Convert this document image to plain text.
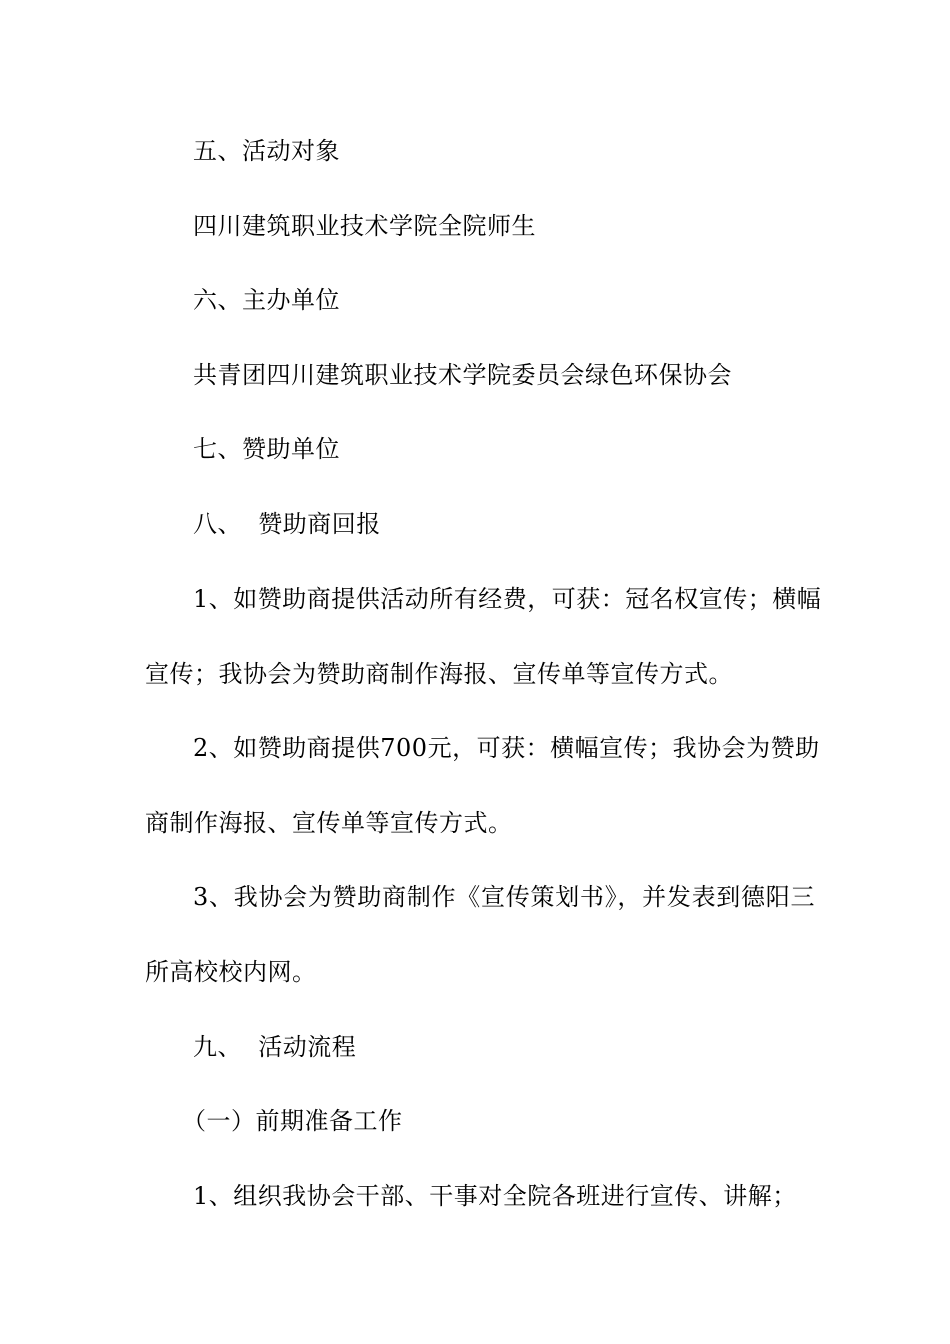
五、活动对象
四川建筑职业技术学院全院师生
六、主办单位
共青团四川建筑职业技术学院委员会绿色环保协会
七、赞助单位
八、  赞助商回报
1、如赞助商提供活动所有经费，可获：冠名权宣传；横幅
宣传；我协会为赞助商制作海报、宣传单等宣传方式。
2、如赞助商提供700元，可获：横幅宣传；我协会为赞助
商制作海报、宣传单等宣传方式。
3、我协会为赞助商制作《宣传策划书》，并发表到德阳三
所高校校内网。
九、  活动流程
（一）前期准备工作
1、组织我协会干部、干事对全院各班进行宣传、讲解；
